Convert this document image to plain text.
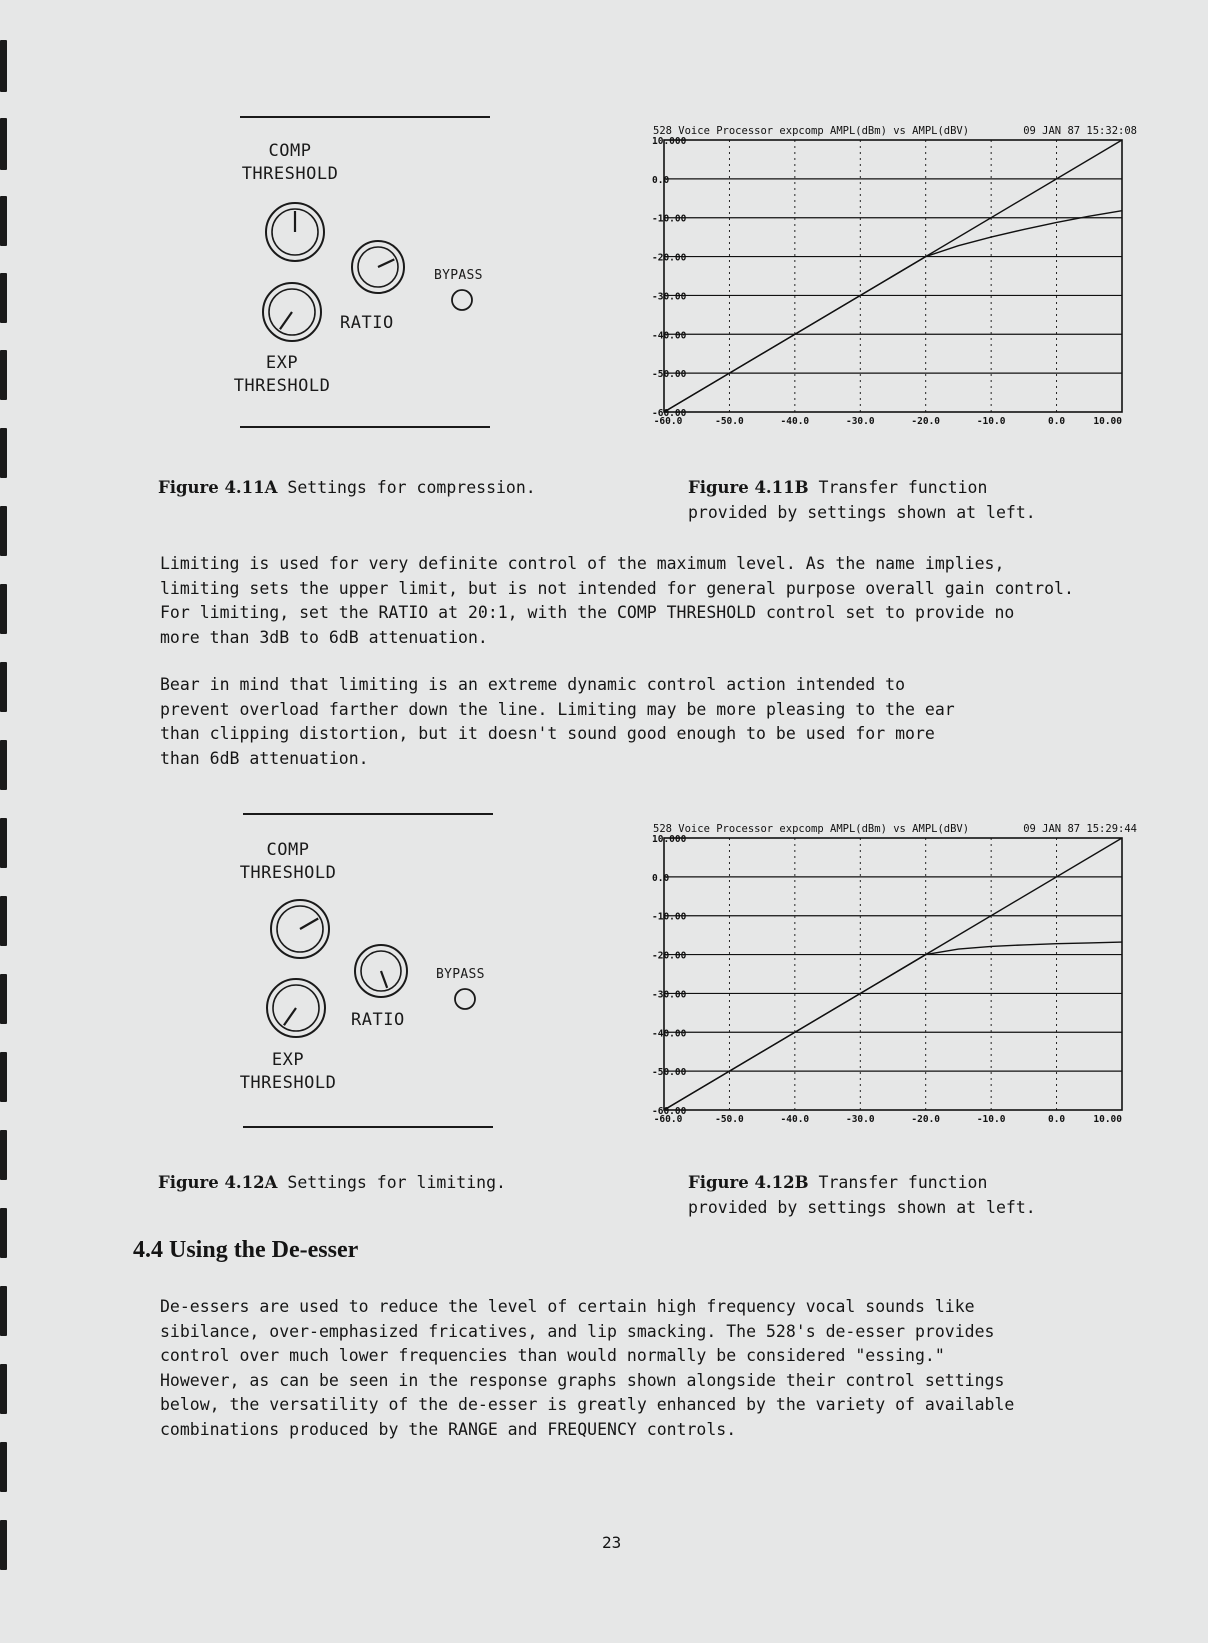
COMP
THRESHOLD
EXP
THRESHOLD
RATIO
BYPASS
528 Voice Processor expcomp AMPL(dBm) vs AMPL(dBV)	09 JAN 87 15:32:08
10.000
0.0
-10.00
-20.00
-30.00
-40.00
-50.00
-60.00
-60.0	-50.0	-40.0	-30.0	-20.0	-10.0	0.0	10.00
Figure 4.11A Settings for compression.	Figure 4.11B Transfer function
provided by settings shown at left.

Limiting is used for very definite control of the maximum level. As the name implies,
limiting sets the upper limit, but is not intended for general purpose overall gain control.
For limiting, set the RATIO at 20:1, with the COMP THRESHOLD control set to provide no
more than 3dB to 6dB attenuation.

Bear in mind that limiting is an extreme dynamic control action intended to
prevent overload farther down the line. Limiting may be more pleasing to the ear
than clipping distortion, but it doesn't sound good enough to be used for more
than 6dB attenuation.

COMP
THRESHOLD
EXP
THRESHOLD
RATIO
BYPASS
528 Voice Processor expcomp AMPL(dBm) vs AMPL(dBV)	09 JAN 87 15:29:44
10.000
0.0
-10.00
-20.00
-30.00
-40.00
-50.00
-60.00
-60.0	-50.0	-40.0	-30.0	-20.0	-10.0	0.0	10.00
Figure 4.12A Settings for limiting.	Figure 4.12B Transfer function
provided by settings shown at left.
4.4 Using the De-esser

De-essers are used to reduce the level of certain high frequency vocal sounds like
sibilance, over-emphasized fricatives, and lip smacking. The 528's de-esser provides
control over much lower frequencies than would normally be considered "essing."
However, as can be seen in the response graphs shown alongside their control settings
below, the versatility of the de-esser is greatly enhanced by the variety of available
combinations produced by the RANGE and FREQUENCY controls.

23
